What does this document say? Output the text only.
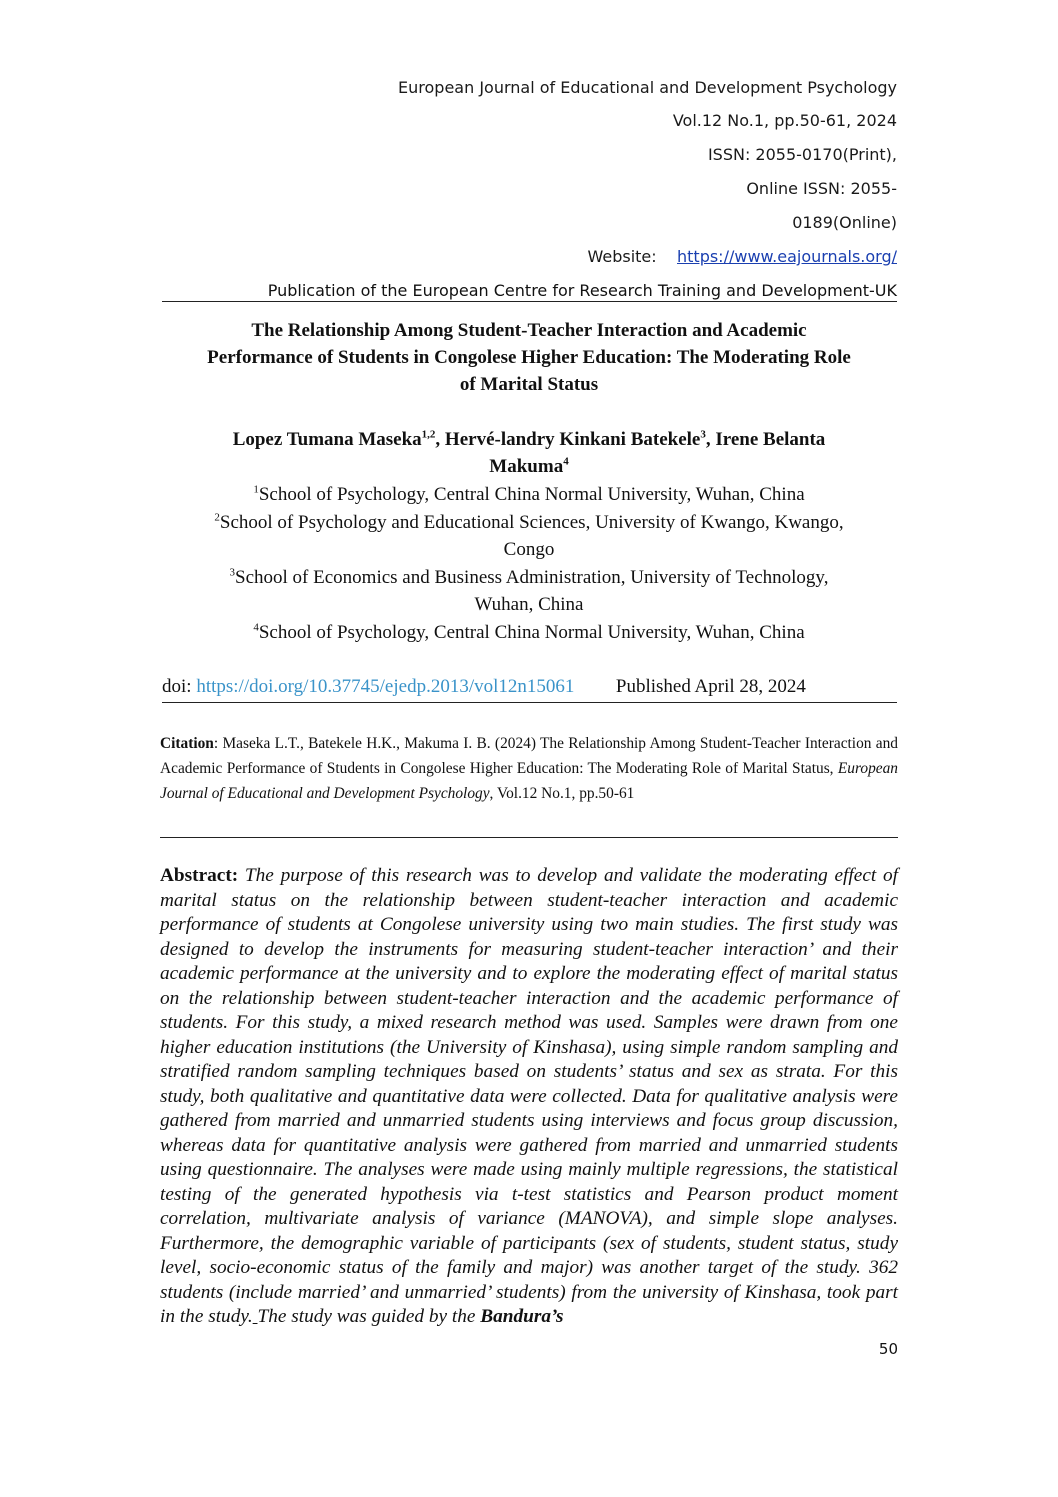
European Journal of Educational and Development Psychology
Vol.12 No.1, pp.50-61, 2024
ISSN: 2055-0170(Print),
Online ISSN: 2055-
0189(Online)
Website: https://www.eajournals.org/
Publication of the European Centre for Research Training and Development-UK
The Relationship Among Student-Teacher Interaction and Academic
Performance of Students in Congolese Higher Education: The Moderating Role
of Marital Status
Lopez Tumana Maseka$^{1,2}$, Hervé-landry Kinkani Batekele$^3$, Irene Belanta
Makuma$^4$
$^1$School of Psychology, Central China Normal University, Wuhan, China
$^2$School of Psychology and Educational Sciences, University of Kwango, Kwango,
Congo
$^3$School of Economics and Business Administration, University of Technology,
Wuhan, China
$^4$School of Psychology, Central China Normal University, Wuhan, China
doi: https://doi.org/10.37745/ejedp.2013/vol12n15061 Published April 28, 2024
Citation: Maseka L.T., Batekele H.K., Makuma I. B. (2024) The Relationship Among Student-Teacher Interaction and Academic Performance of Students in Congolese Higher Education: The Moderating Role of Marital Status, European Journal of Educational and Development Psychology, Vol.12 No.1, pp.50-61
Abstract: The purpose of this research was to develop and validate the moderating effect of marital status on the relationship between student-teacher interaction and academic performance of students at Congolese university using two main studies. The first study was designed to develop the instruments for measuring student-teacher interaction’ and their academic performance at the university and to explore the moderating effect of marital status on the relationship between student-teacher interaction and the academic performance of students. For this study, a mixed research method was used. Samples were drawn from one higher education institutions (the University of Kinshasa), using simple random sampling and stratified random sampling techniques based on students’ status and sex as strata. For this study, both qualitative and quantitative data were collected. Data for qualitative analysis were gathered from married and unmarried students using interviews and focus group discussion, whereas data for quantitative analysis were gathered from married and unmarried students using questionnaire. The analyses were made using mainly multiple regressions, the statistical testing of the generated hypothesis via t-test statistics and Pearson product moment correlation, multivariate analysis of variance (MANOVA), and simple slope analyses. Furthermore, the demographic variable of participants (sex of students, student status, study level, socio-economic status of the family and major) was another target of the study. 362 students (include married’ and unmarried’ students) from the university of Kinshasa, took part in the study. The study was guided by the Bandura’s
50
